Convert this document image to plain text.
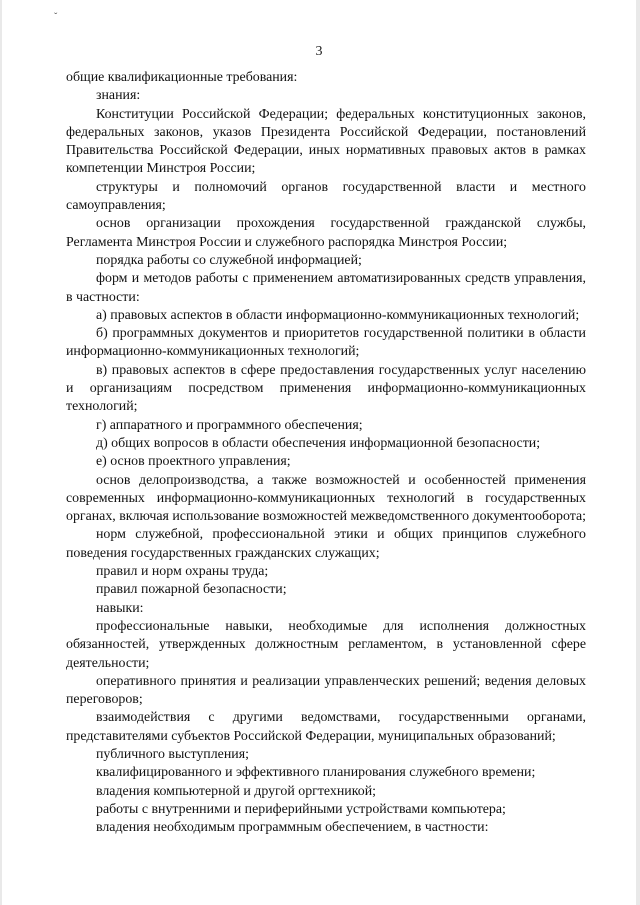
ˇ
3

общие квалификационные требования:

знания:

Конституции Российской Федерации; федеральных конституционных законов, федеральных законов, указов Президента Российской Федерации, постановлений Правительства Российской Федерации, иных нормативных правовых актов в рамках компетенции Минстроя России;

структуры и полномочий органов государственной власти и местного самоуправления;

основ организации прохождения государственной гражданской службы, Регламента Минстроя России и служебного распорядка Минстроя России;

порядка работы со служебной информацией;

форм и методов работы с применением автоматизированных средств управления, в частности:

а) правовых аспектов в области информационно-коммуникационных технологий;

б) программных документов и приоритетов государственной политики в области информационно-коммуникационных технологий;

в) правовых аспектов в сфере предоставления государственных услуг населению и организациям посредством применения информационно-коммуникационных технологий;

г) аппаратного и программного обеспечения;

д) общих вопросов в области обеспечения информационной безопасности;

е) основ проектного управления;

основ делопроизводства, а также возможностей и особенностей применения современных информационно-коммуникационных технологий в государственных органах, включая использование возможностей межведомственного документооборота;

норм служебной, профессиональной этики и общих принципов служебного поведения государственных гражданских служащих;

правил и норм охраны труда;

правил пожарной безопасности;

навыки:

профессиональные навыки, необходимые для исполнения должностных обязанностей, утвержденных должностным регламентом, в установленной сфере деятельности;

оперативного принятия и реализации управленческих решений; ведения деловых переговоров;

взаимодействия с другими ведомствами, государственными органами, представителями субъектов Российской Федерации, муниципальных образований;

публичного выступления;

квалифицированного и эффективного планирования служебного времени;

владения компьютерной и другой оргтехникой;

работы с внутренними и периферийными устройствами компьютера;

владения необходимым программным обеспечением, в частности:
